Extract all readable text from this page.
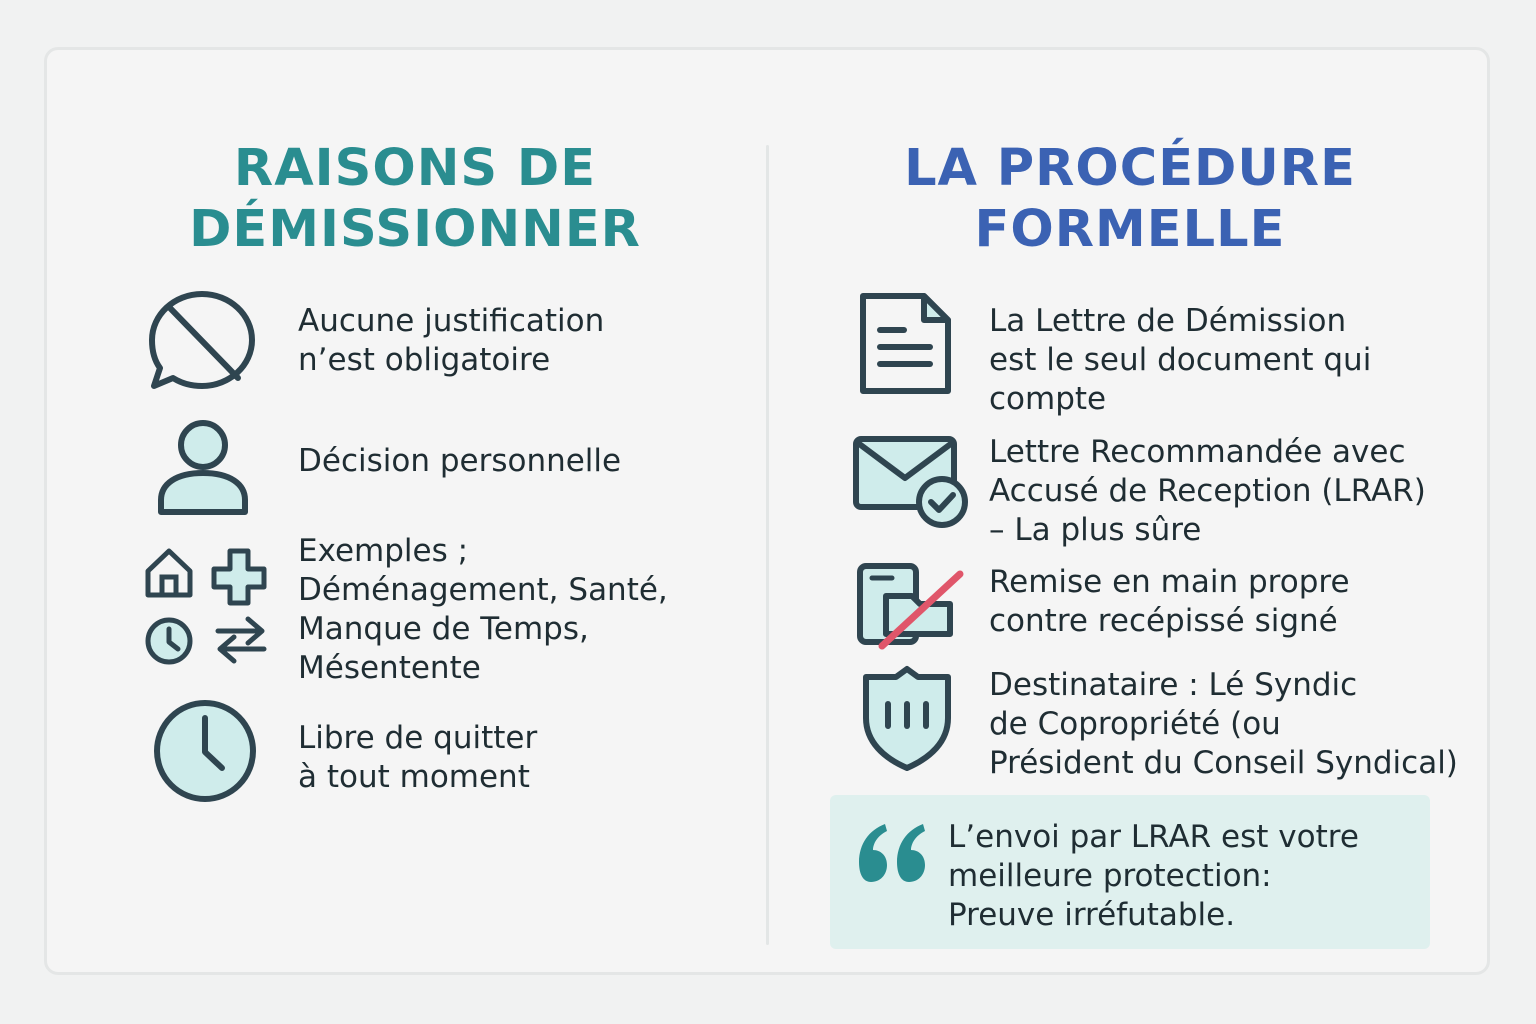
RAISONS DE
DÉMISSIONNER
Aucune justification
n’est obligatoire
Décision personnelle
Exemples ;
Déménagement, Santé,
Manque de Temps,
Mésentente
Libre de quitter
à tout moment
LA PROCÉDURE
FORMELLE
La Lettre de Démission
est le seul document qui
compte
Lettre Recommandée avec
Accusé de Reception (LRAR)
– La plus sûre
Remise en main propre
contre recépissé signé
Destinataire : Lé Syndic
de Copropriété (ou
Président du Conseil Syndical)
L’envoi par LRAR est votre
meilleure protection:
Preuve irréfutable.
